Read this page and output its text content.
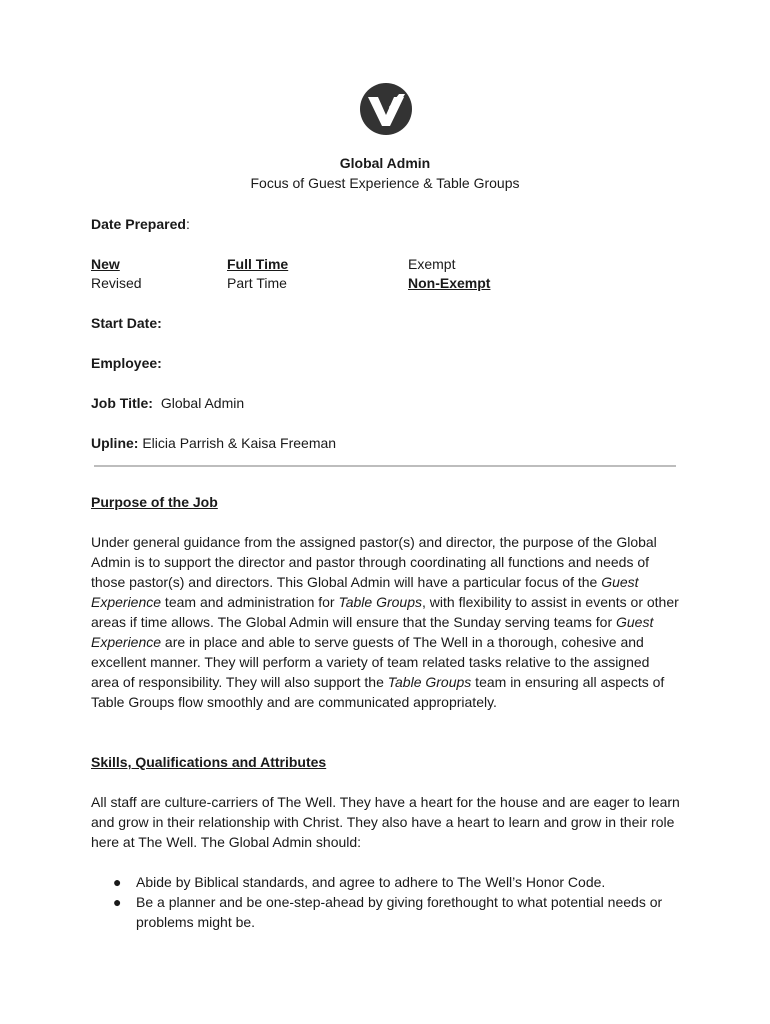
Global Admin
Focus of Guest Experience & Table Groups
Date Prepared:
New
Revised
Full Time
Part Time
Exempt
Non-Exempt
Start Date:
Employee:
Job Title: Global Admin
Upline: Elicia Parrish & Kaisa Freeman
Purpose of the Job
Under general guidance from the assigned pastor(s) and director, the purpose of the Global Admin is to support the director and pastor through coordinating all functions and needs of those pastor(s) and directors. This Global Admin will have a particular focus of the Guest Experience team and administration for Table Groups, with flexibility to assist in events or other areas if time allows. The Global Admin will ensure that the Sunday serving teams for Guest Experience are in place and able to serve guests of The Well in a thorough, cohesive and excellent manner. They will perform a variety of team related tasks relative to the assigned area of responsibility. They will also support the Table Groups team in ensuring all aspects of Table Groups flow smoothly and are communicated appropriately.
Skills, Qualifications and Attributes
All staff are culture-carriers of The Well. They have a heart for the house and are eager to learn and grow in their relationship with Christ. They also have a heart to learn and grow in their role here at The Well. The Global Admin should:
● Abide by Biblical standards, and agree to adhere to The Well’s Honor Code.
● Be a planner and be one-step-ahead by giving forethought to what potential needs or problems might be.
